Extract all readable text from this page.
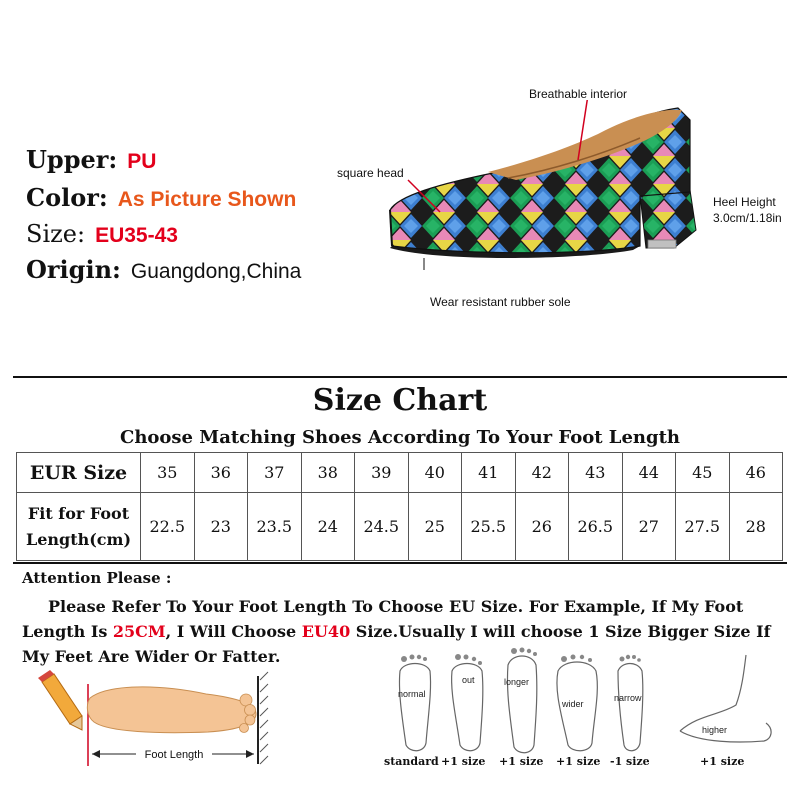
Upper: PU
Color: As Picture Shown
Size: EU35-43
Origin: Guangdong,China
Breathable interior
square head
Wear resistant rubber sole
Heel Height
3.0cm/1.18in
Size Chart
Choose Matching Shoes According To Your Foot Length
EUR Size	35	36	37	38	39	40	41	42	43	44	45	46

Fit for Foot
Length(cm)	22.5	23	23.5	24	24.5	25	25.5	26	26.5	27	27.5	28
Attention Please :
Please Refer To Your Foot Length To Choose EU Size. For Example, If My Foot Length Is 25CM, I Will Choose EU40 Size.Usually I will choose 1 Size Bigger Size If My Feet Are Wider Or Fatter.
Foot Length
normal
out	longer
wider
narrow
higher
standard +1 size +1 size +1 size -1 size	+1 size
